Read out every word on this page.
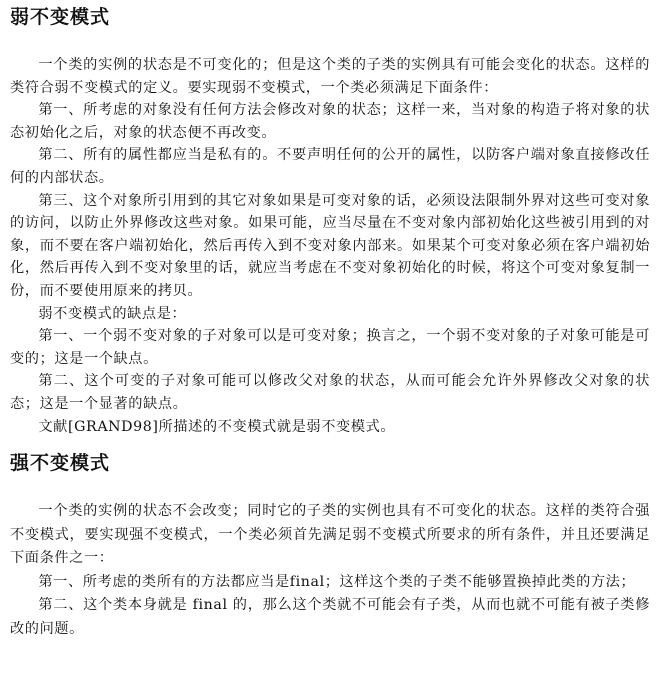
弱不变模式

一个类的实例的状态是不可变化的；但是这个类的子类的实例具有可能会变化的状态。这样的类符合弱不变模式的定义。要实现弱不变模式，一个类必须满足下面条件：

第一、所考虑的对象没有任何方法会修改对象的状态；这样一来，当对象的构造子将对象的状态初始化之后，对象的状态便不再改变。

第二、所有的属性都应当是私有的。不要声明任何的公开的属性，以防客户端对象直接修改任何的内部状态。

第三、这个对象所引用到的其它对象如果是可变对象的话，必须设法限制外界对这些可变对象的访问，以防止外界修改这些对象。如果可能，应当尽量在不变对象内部初始化这些被引用到的对象，而不要在客户端初始化，然后再传入到不变对象内部来。如果某个可变对象必须在客户端初始化，然后再传入到不变对象里的话，就应当考虑在不变对象初始化的时候，将这个可变对象复制一份，而不要使用原来的拷贝。

弱不变模式的缺点是：

第一、一个弱不变对象的子对象可以是可变对象；换言之，一个弱不变对象的子对象可能是可变的；这是一个缺点。

第二、这个可变的子对象可能可以修改父对象的状态，从而可能会允许外界修改父对象的状态；这是一个显著的缺点。

文献[GRAND98]所描述的不变模式就是弱不变模式。

强不变模式

一个类的实例的状态不会改变；同时它的子类的实例也具有不可变化的状态。这样的类符合强不变模式，要实现强不变模式，一个类必须首先满足弱不变模式所要求的所有条件，并且还要满足下面条件之一：

第一、所考虑的类所有的方法都应当是final；这样这个类的子类不能够置换掉此类的方法；

第二、这个类本身就是 final 的，那么这个类就不可能会有子类，从而也就不可能有被子类修改的问题。
